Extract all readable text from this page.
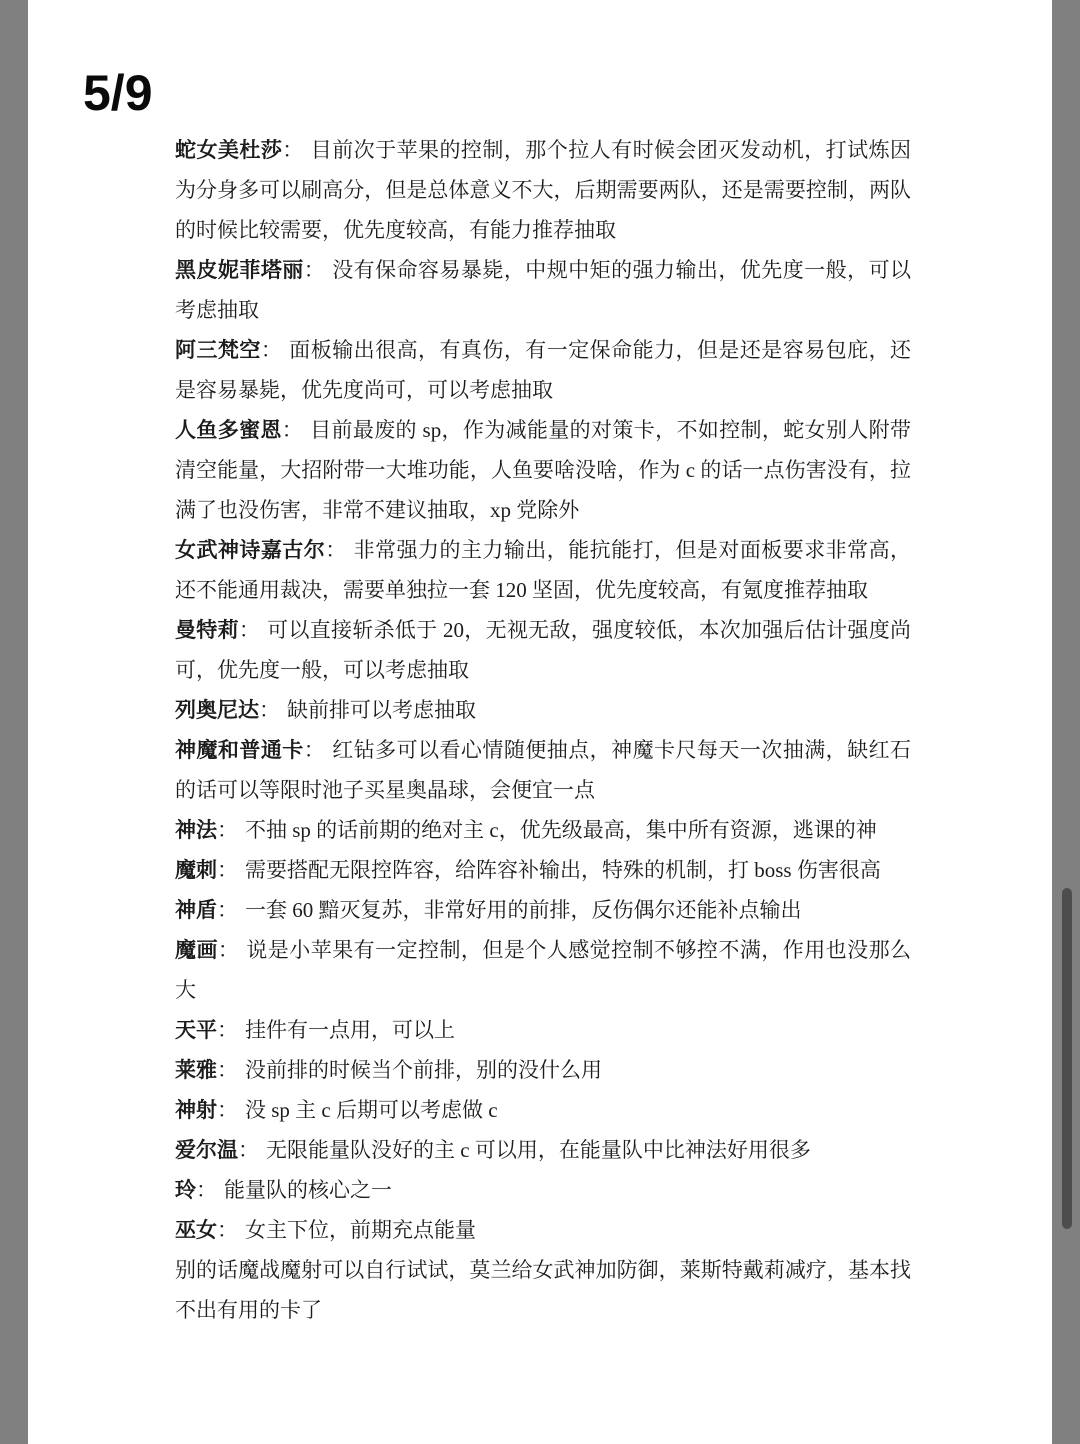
5/9

蛇女美杜莎： 目前次于苹果的控制，那个拉人有时候会团灭发动机，打试炼因为分身多可以刷高分，但是总体意义不大，后期需要两队，还是需要控制，两队的时候比较需要，优先度较高，有能力推荐抽取

黑皮妮菲塔丽： 没有保命容易暴毙，中规中矩的强力输出，优先度一般，可以考虑抽取

阿三梵空： 面板输出很高，有真伤，有一定保命能力，但是还是容易包庇，还是容易暴毙，优先度尚可，可以考虑抽取

人鱼多蜜恩： 目前最废的 sp，作为减能量的对策卡，不如控制，蛇女别人附带清空能量，大招附带一大堆功能，人鱼要啥没啥，作为 c 的话一点伤害没有，拉满了也没伤害，非常不建议抽取，xp 党除外

女武神诗嘉古尔： 非常强力的主力输出，能抗能打，但是对面板要求非常高，还不能通用裁决，需要单独拉一套 120 坚固，优先度较高，有氪度推荐抽取

曼特莉： 可以直接斩杀低于 20，无视无敌，强度较低，本次加强后估计强度尚可，优先度一般，可以考虑抽取

列奥尼达： 缺前排可以考虑抽取

神魔和普通卡： 红钻多可以看心情随便抽点，神魔卡尺每天一次抽满，缺红石的话可以等限时池子买星奥晶球，会便宜一点

神法： 不抽 sp 的话前期的绝对主 c，优先级最高，集中所有资源，逃课的神

魔刺： 需要搭配无限控阵容，给阵容补输出，特殊的机制，打 boss 伤害很高

神盾： 一套 60 黯灭复苏，非常好用的前排，反伤偶尔还能补点输出

魔画： 说是小苹果有一定控制，但是个人感觉控制不够控不满，作用也没那么大

天平： 挂件有一点用，可以上

莱雅： 没前排的时候当个前排，别的没什么用

神射： 没 sp 主 c 后期可以考虑做 c

爱尔温： 无限能量队没好的主 c 可以用，在能量队中比神法好用很多

玲： 能量队的核心之一

巫女： 女主下位，前期充点能量

别的话魔战魔射可以自行试试，莫兰给女武神加防御，莱斯特戴莉减疗，基本找不出有用的卡了
